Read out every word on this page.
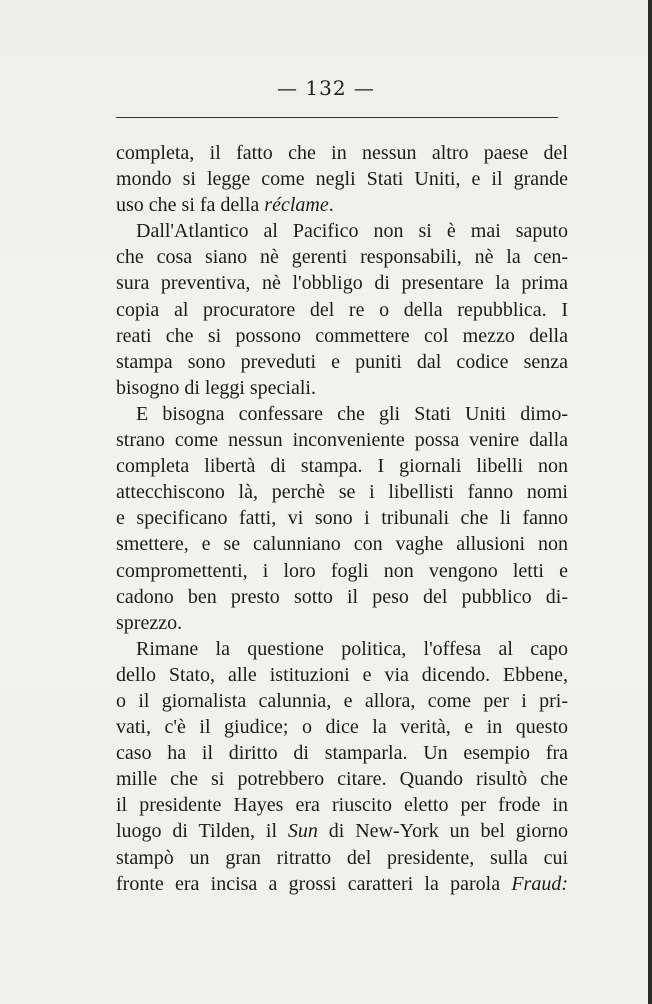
— 132 —
completa, il fatto che in nessun altro paese del
mondo si legge come negli Stati Uniti, e il grande
uso che si fa della réclame.
Dall'Atlantico al Pacifico non si è mai saputo
che cosa siano nè gerenti responsabili, nè la cen-
sura preventiva, nè l'obbligo di presentare la prima
copia al procuratore del re o della repubblica. I
reati che si possono commettere col mezzo della
stampa sono preveduti e puniti dal codice senza
bisogno di leggi speciali.
E bisogna confessare che gli Stati Uniti dimo-
strano come nessun inconveniente possa venire dalla
completa libertà di stampa. I giornali libelli non
attecchiscono là, perchè se i libellisti fanno nomi
e specificano fatti, vi sono i tribunali che li fanno
smettere, e se calunniano con vaghe allusioni non
compromettenti, i loro fogli non vengono letti e
cadono ben presto sotto il peso del pubblico di-
sprezzo.
Rimane la questione politica, l'offesa al capo
dello Stato, alle istituzioni e via dicendo. Ebbene,
o il giornalista calunnia, e allora, come per i pri-
vati, c'è il giudice; o dice la verità, e in questo
caso ha il diritto di stamparla. Un esempio fra
mille che si potrebbero citare. Quando risultò che
il presidente Hayes era riuscito eletto per frode in
luogo di Tilden, il Sun di New-York un bel giorno
stampò un gran ritratto del presidente, sulla cui
fronte era incisa a grossi caratteri la parola Fraud:
